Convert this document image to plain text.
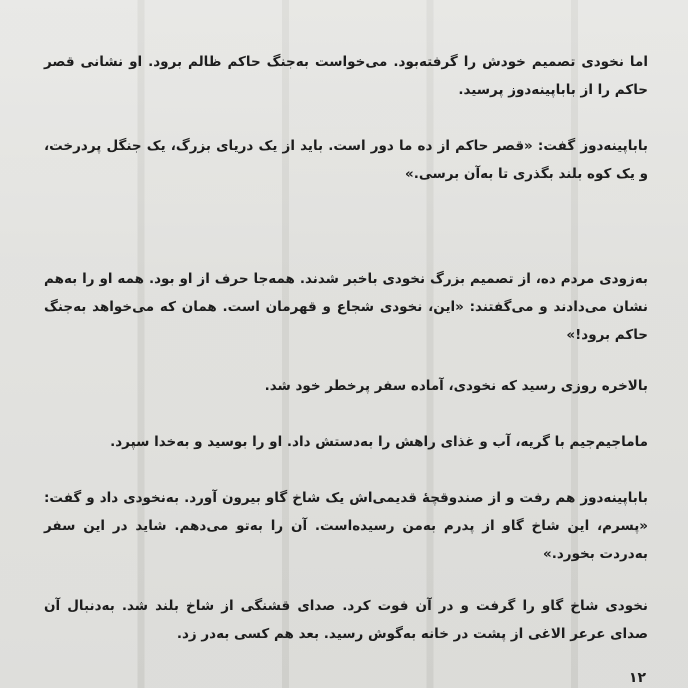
اما نخودی تصمیم خودش را گرفته‌بود. می‌خواست به‌جنگ حاکم ظالم برود. او نشانی قصر حاکم را از باباپینه‌دوز پرسید.

باباپینه‌دوز گفت: «قصر حاکم از ده ما دور است. باید از یک دریای بزرگ، یک جنگل پردرخت، و یک کوه بلند بگذری تا به‌آن برسی.»

به‌زودی مردم ده، از تصمیم بزرگ نخودی باخبر شدند. همه‌جا حرف از او بود. همه او را به‌هم نشان می‌دادند و می‌گفتند: «این، نخودی شجاع و قهرمان است. همان که می‌خواهد به‌جنگ حاکم برود!»

بالاخره روزی رسید که نخودی، آماده سفر پرخطر خود شد.

ماماجیم‌جیم با گریه، آب و غذای راهش را به‌دستش داد. او را بوسید و به‌خدا سپرد.

باباپینه‌دوز هم رفت و از صندوقچهٔ قدیمی‌اش یک شاخ گاو بیرون آورد. به‌نخودی داد و گفت: «پسرم، این شاخ گاو از پدرم به‌من رسیده‌است. آن را به‌تو می‌دهم. شاید در این سفر به‌دردت بخورد.»

نخودی شاخ گاو را گرفت و در آن فوت کرد. صدای قشنگی از شاخ بلند شد. به‌دنبال آن صدای عرعر الاغی از پشت در خانه به‌گوش رسید. بعد هم کسی به‌در زد.

۱۲
